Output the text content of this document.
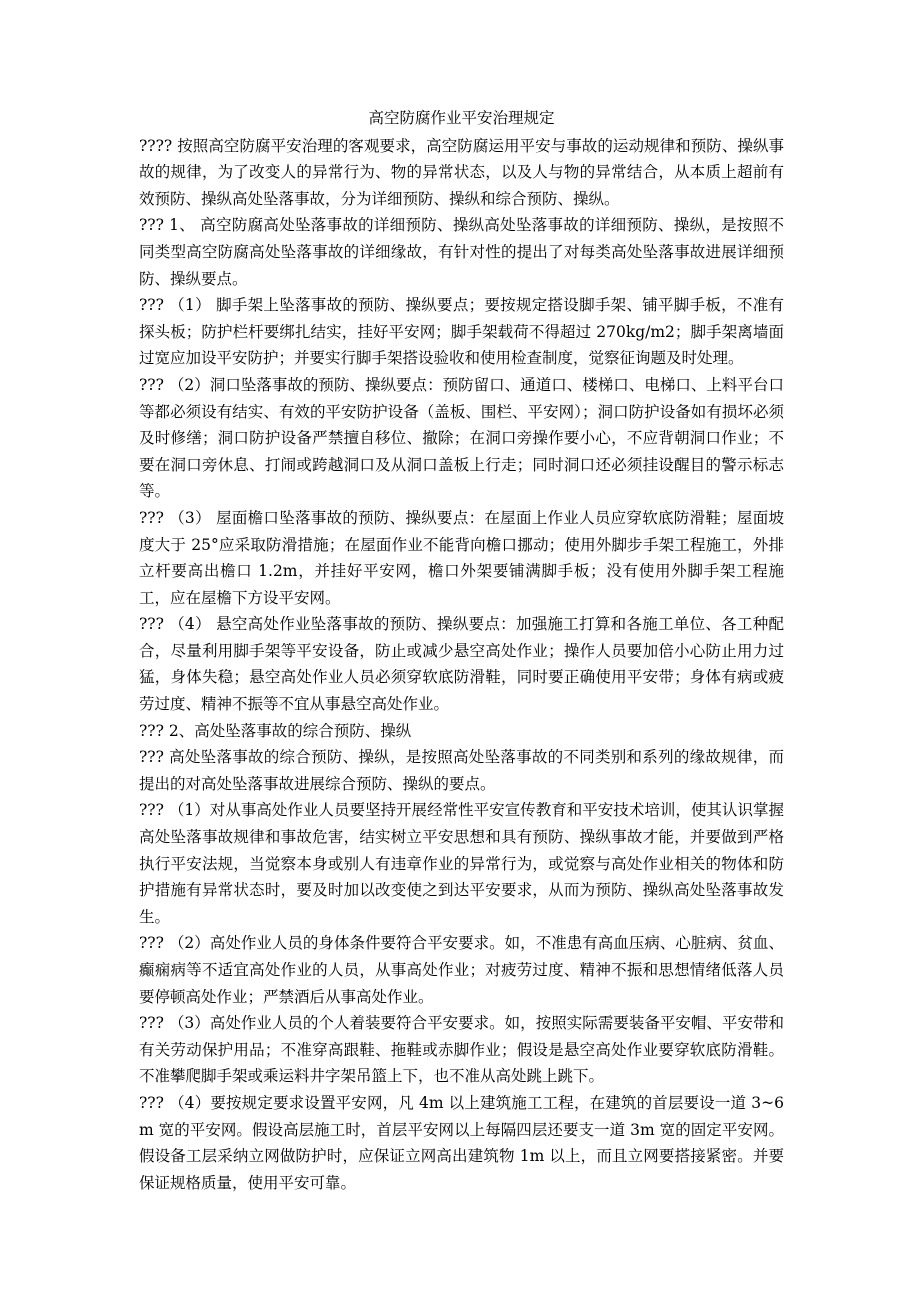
高空防腐作业平安治理规定

???? 按照高空防腐平安治理的客观要求，高空防腐运用平安与事故的运动规律和预防、操纵事故的规律，为了改变人的异常行为、物的异常状态，以及人与物的异常结合，从本质上超前有效预防、操纵高处坠落事故，分为详细预防、操纵和综合预防、操纵。

??? 1、 高空防腐高处坠落事故的详细预防、操纵高处坠落事故的详细预防、操纵，是按照不同类型高空防腐高处坠落事故的详细缘故，有针对性的提出了对每类高处坠落事故进展详细预防、操纵要点。

??? （1） 脚手架上坠落事故的预防、操纵要点；要按规定搭设脚手架、铺平脚手板，不准有探头板；防护栏杆要绑扎结实，挂好平安网；脚手架载荷不得超过 270kg/m2；脚手架离墙面过宽应加设平安防护；并要实行脚手架搭设验收和使用检查制度，觉察征询题及时处理。

??? （2）洞口坠落事故的预防、操纵要点：预防留口、通道口、楼梯口、电梯口、上料平台口等都必须设有结实、有效的平安防护设备（盖板、围栏、平安网）；洞口防护设备如有损坏必须及时修缮；洞口防护设备严禁擅自移位、撤除；在洞口旁操作要小心，不应背朝洞口作业；不要在洞口旁休息、打闹或跨越洞口及从洞口盖板上行走；同时洞口还必须挂设醒目的警示标志等。

??? （3） 屋面檐口坠落事故的预防、操纵要点：在屋面上作业人员应穿软底防滑鞋；屋面坡度大于 25°应采取防滑措施；在屋面作业不能背向檐口挪动；使用外脚步手架工程施工，外排立杆要高出檐口 1.2m，并挂好平安网，檐口外架要铺满脚手板；没有使用外脚手架工程施工，应在屋檐下方设平安网。

??? （4） 悬空高处作业坠落事故的预防、操纵要点：加强施工打算和各施工单位、各工种配合，尽量利用脚手架等平安设备，防止或减少悬空高处作业；操作人员要加倍小心防止用力过猛，身体失稳；悬空高处作业人员必须穿软底防滑鞋，同时要正确使用平安带；身体有病或疲劳过度、精神不振等不宜从事悬空高处作业。

??? 2、高处坠落事故的综合预防、操纵

??? 高处坠落事故的综合预防、操纵，是按照高处坠落事故的不同类别和系列的缘故规律，而提出的对高处坠落事故进展综合预防、操纵的要点。

??? （1）对从事高处作业人员要坚持开展经常性平安宣传教育和平安技术培训，使其认识掌握高处坠落事故规律和事故危害，结实树立平安思想和具有预防、操纵事故才能，并要做到严格执行平安法规，当觉察本身或别人有违章作业的异常行为，或觉察与高处作业相关的物体和防护措施有异常状态时，要及时加以改变使之到达平安要求，从而为预防、操纵高处坠落事故发生。

??? （2）高处作业人员的身体条件要符合平安要求。如，不准患有高血压病、心脏病、贫血、癫痫病等不适宜高处作业的人员，从事高处作业；对疲劳过度、精神不振和思想情绪低落人员要停顿高处作业；严禁酒后从事高处作业。

??? （3）高处作业人员的个人着装要符合平安要求。如，按照实际需要装备平安帽、平安带和有关劳动保护用品；不准穿高跟鞋、拖鞋或赤脚作业；假设是悬空高处作业要穿软底防滑鞋。不准攀爬脚手架或乘运料井字架吊篮上下，也不准从高处跳上跳下。

??? （4）要按规定要求设置平安网，凡 4m 以上建筑施工工程，在建筑的首层要设一道 3~6m 宽的平安网。假设高层施工时，首层平安网以上每隔四层还要支一道 3m 宽的固定平安网。假设备工层采纳立网做防护时，应保证立网高出建筑物 1m 以上，而且立网要搭接紧密。并要保证规格质量，使用平安可靠。
